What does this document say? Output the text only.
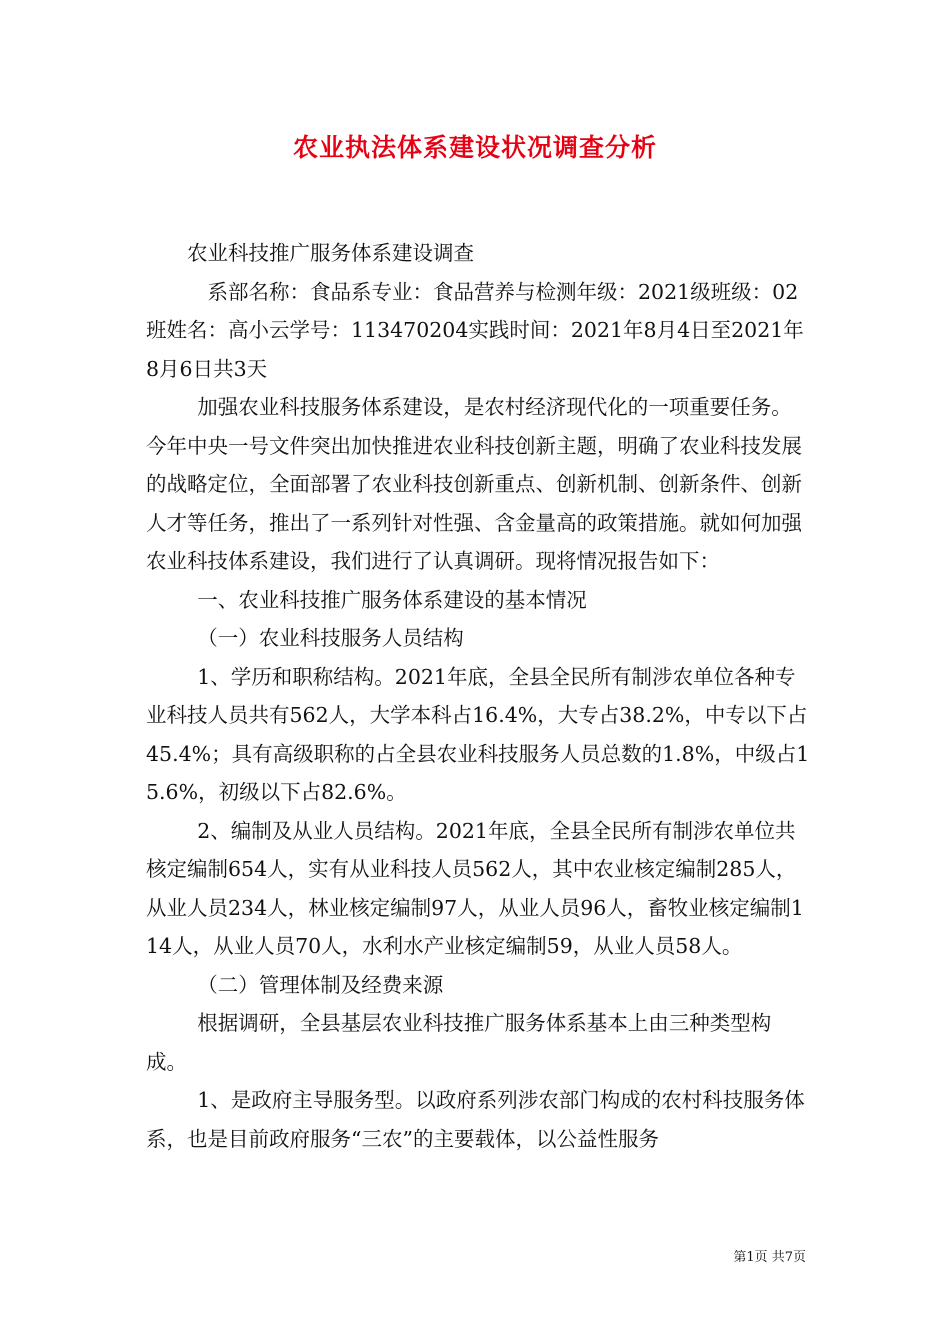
农业执法体系建设状况调查分析

农业科技推广服务体系建设调查

系部名称：食品系专业：食品营养与检测年级：2021级班级：02班姓名：高小云学号：113470204实践时间：2021年8月4日至2021年8月6日共3天

加强农业科技服务体系建设，是农村经济现代化的一项重要任务。今年中央一号文件突出加快推进农业科技创新主题，明确了农业科技发展的战略定位，全面部署了农业科技创新重点、创新机制、创新条件、创新人才等任务，推出了一系列针对性强、含金量高的政策措施。就如何加强农业科技体系建设，我们进行了认真调研。现将情况报告如下：

一、农业科技推广服务体系建设的基本情况

（一）农业科技服务人员结构

1、学历和职称结构。2021年底，全县全民所有制涉农单位各种专业科技人员共有562人，大学本科占16.4%，大专占38.2%，中专以下占45.4%；具有高级职称的占全县农业科技服务人员总数的1.8%，中级占15.6%，初级以下占82.6%。

2、编制及从业人员结构。2021年底，全县全民所有制涉农单位共核定编制654人，实有从业科技人员562人，其中农业核定编制285人，从业人员234人，林业核定编制97人，从业人员96人，畜牧业核定编制114人，从业人员70人，水利水产业核定编制59，从业人员58人。

（二）管理体制及经费来源

根据调研，全县基层农业科技推广服务体系基本上由三种类型构成。

1、是政府主导服务型。以政府系列涉农部门构成的农村科技服务体系，也是目前政府服务“三农”的主要载体，以公益性服务

第1页 共7页
